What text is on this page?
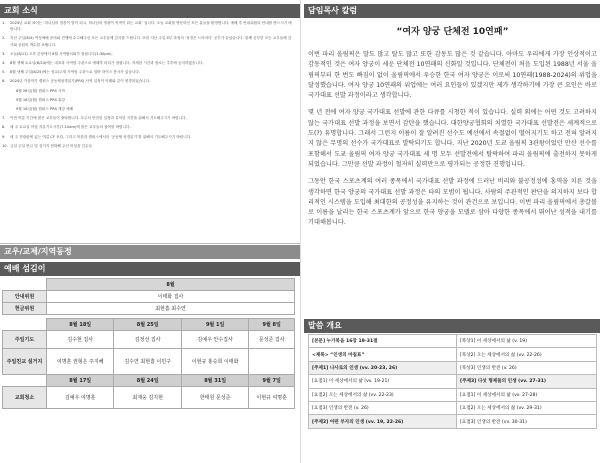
교회 소식
1.	2024년 교회 표어는 ‘하나님의 말씀이 법이 되고, 하나님의 영광이 목적이 되는 교회’ 입니다. 오늘 교회를 방문하신 모든 분들을 환영합니다. 예배 후 안내위원의 안내를 받으시기 바랍니다.
2.	지난 주일(8/4) 여성예배 준비와 진행에 수고해주신 모든 교우들께 감사를 드립니다. 또한 지난 주일 4부 과정의 ‘성경은 드라마다’ 공부가 끝났습니다. 함께 공부한 모든 교우들께 감사와 응원의 박수를 보냅니다.
3.	오늘(8/11) 오후 본당에서 8월 사역협의회가 열립니다(1:30pm).
4.	8월 셋째 토요일(8/24)에는 내포과 사역팀 주관으로 예배후 파티가 열립니다. 자세한 시간과 장소는 추후에 공지하겠습니다.
5.	8월 넷째 주일(8/25)에는 성교/주재 사역팀 주관으로 열바 하이스 봉사가 있습니다.
6.	2024년 가을학기 캠퍼스 공동체성경읽기(PRS) 사역 일정이 아래와 같이 변경되었습니다.
8월 26일(월) 캠퍼스 PRS 시작
9월 16일(월) 캠퍼스 PRS 휴강
9월 16일(월) 캠퍼스 PRS 개강 예배
7.	이번 여름 기간에 많은 교우들이 출타합니다. 모두의 안전한 일정과 유익한 시간을 위해서 기도해주시기 바랍니다.
8.	매 주 토요일 아침 자유기도시간(7-10am)에 많은 교우들의 참여를 바랍니다.
9.	매 주 전광판에 있는 여름 CF 포칼, 그리고 북한과 캠퍼스에서의 ‘공동체 성경읽기’를 위해서 기도해주시기 바랍니다.
10. 금일 주일 헌금 및 설거지 헌화해 주신 어성을 감수들
교우/교제/지역동정
예배 섬김이
	8월			
안내위원	이태화 집사			
헌금위원	최현흠 최수연			

	8월 18일	8월 25일	9월 1일	9월 8일
주일기도	김수현 집사	김정선 집사	김예우 안수집사	문성준 집사
주일친교 설거지	여명훈 권형은 주지혜	김수연 최현흠 이민구	이현규 홍승희 이태화	
	8월 17일	8월 24일	8월 31일	9월 7일
교회청소	김예우 여명훈	최재웅 김지현	한태원 문성준	이현규 여명훈
담임목사 칼럼
“여자 양궁 단체전 10연패”

이번 파리 올림픽은 말도 많고 탈도 많고 또한 감동도 많은 것 같습니다. 아마도 우리에게 가장 인상적이고 감동적인 것은 여자 양궁이 세운 단체전 10연패의 신화일 것입니다. 단체전이 처음 도입된 1988년 서울 올림픽부터 한 번도 빠짐이 없이 올림픽에서 우승한 한국 여자 양궁은 이로써 10연패(1988-2024)의 위업을 달성했습니다. 여자 양궁 10연패의 위업에는 여러 요인들이 있겠지만 제가 생각하기에 가장 큰 요인은 바로 국가대표 선발 과정이라고 생각합니다.

몇 년 전에 여자 양궁 국가대표 선발에 관한 다큐를 시청한 적이 있습니다. 실력 외에는 어떤 것도 고려하지 않는 국가대표 선발 과정을 보면서 감탄을 했습니다. 대한양궁협회의 치열한 국가대표 선발전은 세계적으로도(?) 유명합니다. 그래서 그런지 이름이 잘 알려진 선수도 예선에서 속절없이 떨어지기도 하고 전혀 알려지지 않은 무명의 선수가 국가대표로 발탁되기도 합니다. 지난 2020년 도쿄 올림픽 3관왕이었던 안산 선수를 포함해서 도쿄 올림픽 여자 양궁 국가대표 세 명 모두 선발전에서 탈락하여 파리 올림픽에 출전하지 못하게 되었습니다. 그만큼 선발 과정이 철저히 실력만으로 평가되는 공정한 진행입니다.

그동안 한국 스포츠계의 여러 종목에서 국가대표 선발 과정에 드러난 비리와 불공정성에 홍역을 치른 것을 생각하면 한국 양궁의 국가대표 선발 과정은 타의 모범이 됩니다. 사람의 주관적인 판단을 의지하지 보다 합리적인 시스템을 도입해 최대한의 공정성을 유지하는 것이 관건으로 보입니다. 이번 파리 올림픽에서 총갈볼로 이름을 날리는 한국 스포츠계가 앞으로 한국 양궁을 모델로 삼아 다양한 종목에서 뛰어난 성적을 내기를 기대해봅니다.

말씀 개요
[본문] 누가복음 16장 19-31절	[묵상1] 이 세상에서의 삶 (v. 19)
<제목> “인생의 마침표”	[묵상2] 오는 세상에서의 삶 (vv. 22-26)
[주제1] 나사로의 인생 (vv. 20-23, 26)	[묵상3] 인생의 반전 (v. 26)
[요점1] 이 세상에서의 삶 (vv. 19-21)	[주제3] 다섯 형제들의 인생 (vv. 27-31)
[요점2] 오는 세상에서의 삶 (vv. 22-23)	[요점1] 이 세상에서의 삶 (vv. 27-28)
[요점3] 인생의 반전 (v. 26)	[요점2] 오는 세상에서의 삶 (vv. 29-31)
[주제2] 어떤 부자의 인생 (vv. 19, 22-26)	[요점3] 인생의 반전 (vv. 30-31)
